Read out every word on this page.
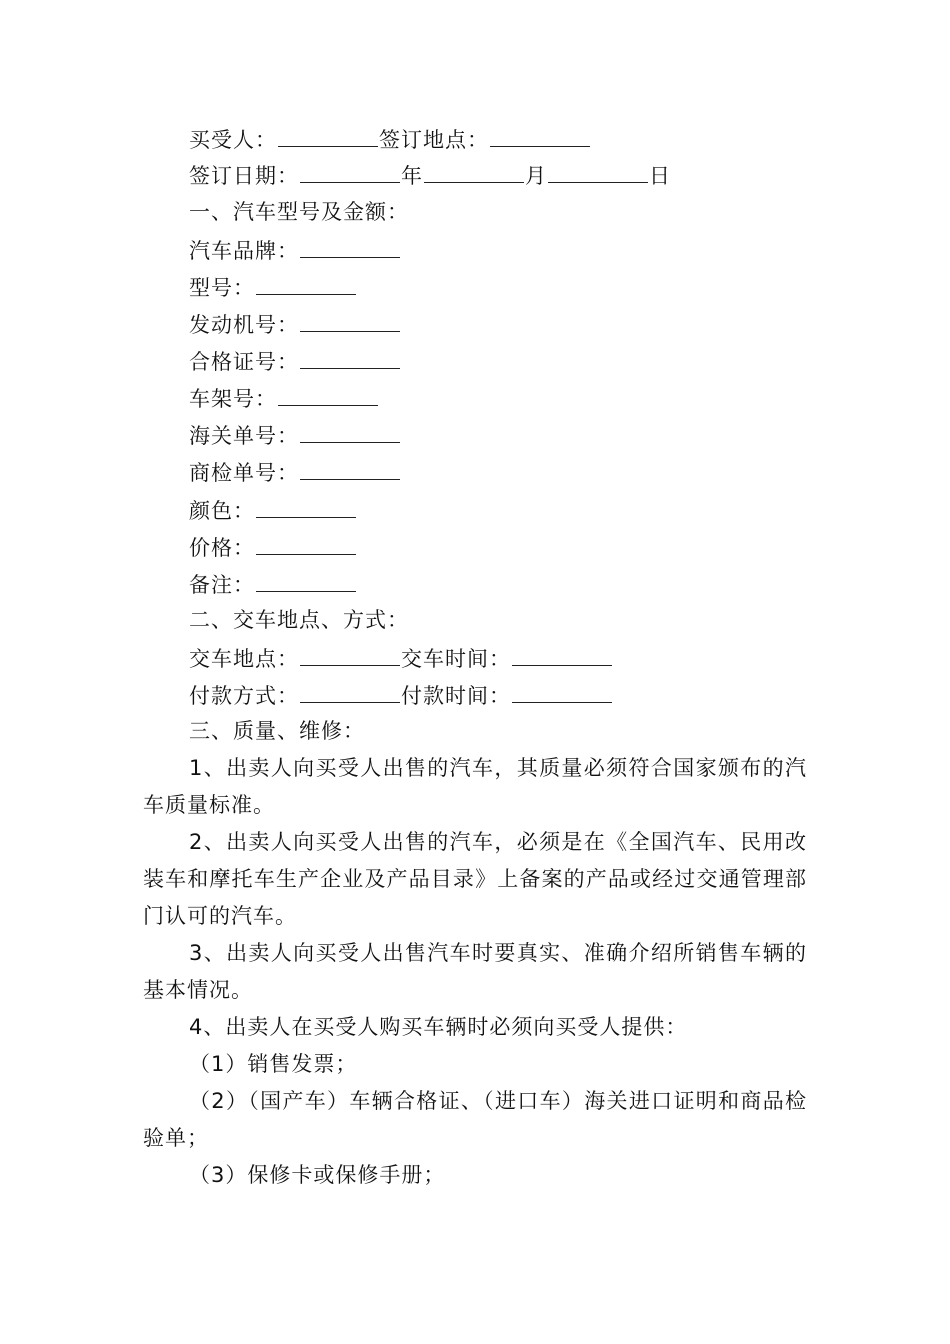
买受人：	签订地点：
签订日期：	年	月	日
一、汽车型号及金额：
汽车品牌：
型号：
发动机号：
合格证号：
车架号：
海关单号：
商检单号：
颜色：
价格：
备注：
二、交车地点、方式：
交车地点：	交车时间：
付款方式：	付款时间：
三、质量、维修：
1、出卖人向买受人出售的汽车，其质量必须符合国家颁布的汽车质量标准。
2、出卖人向买受人出售的汽车，必须是在《全国汽车、民用改装车和摩托车生产企业及产品目录》上备案的产品或经过交通管理部门认可的汽车。
3、出卖人向买受人出售汽车时要真实、准确介绍所销售车辆的基本情况。
4、出卖人在买受人购买车辆时必须向买受人提供：
（1）销售发票；
（2）（国产车）车辆合格证、（进口车）海关进口证明和商品检验单；
（3）保修卡或保修手册；
